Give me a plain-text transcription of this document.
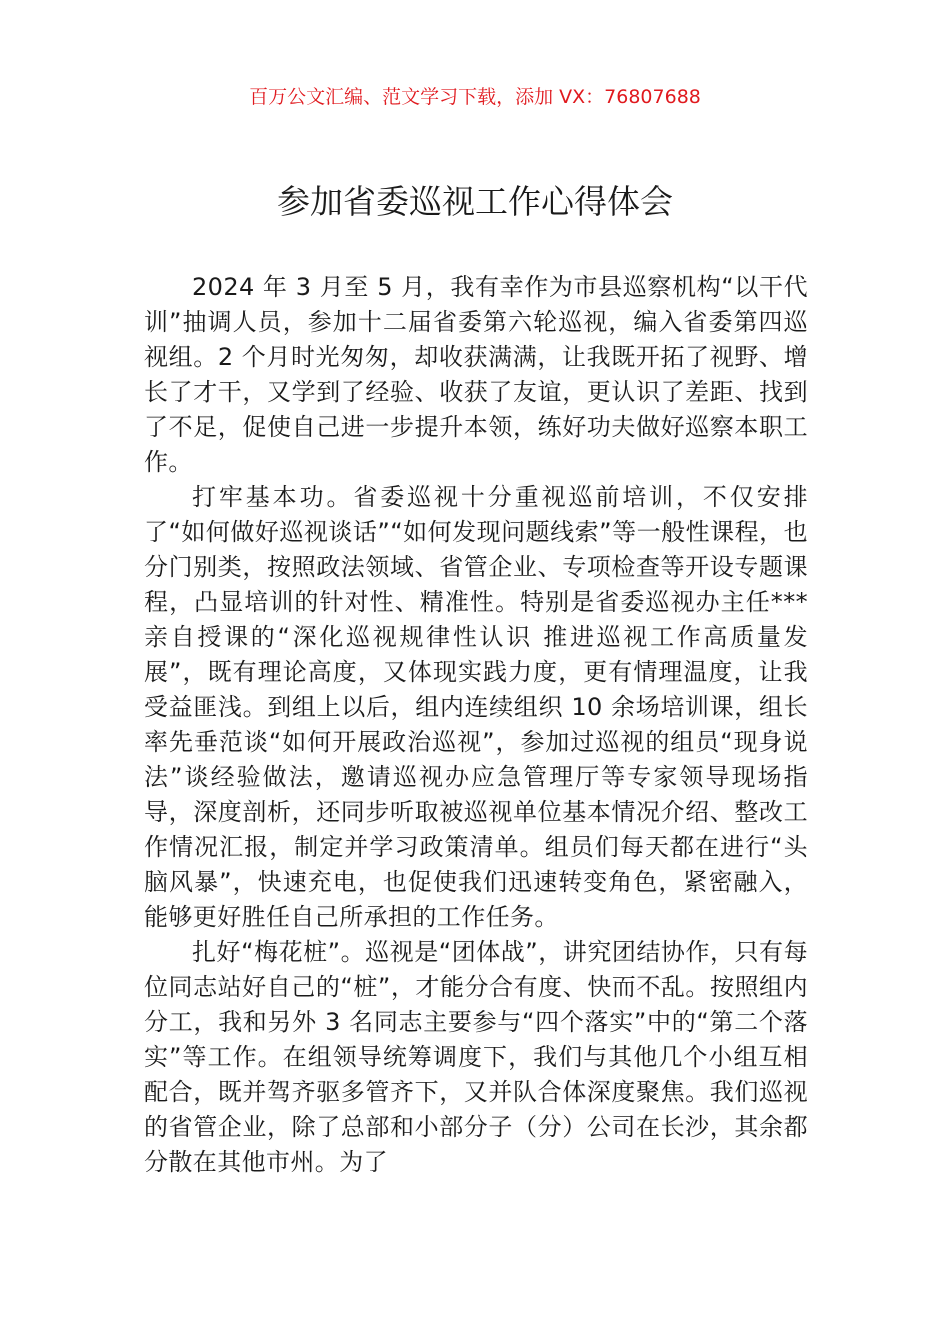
百万公文汇编、范文学习下载，添加 VX：76807688
参加省委巡视工作心得体会

2024 年 3 月至 5 月，我有幸作为市县巡察机构“以干代训”抽调人员，参加十二届省委第六轮巡视，编入省委第四巡视组。2 个月时光匆匆，却收获满满，让我既开拓了视野、增长了才干，又学到了经验、收获了友谊，更认识了差距、找到了不足，促使自己进一步提升本领，练好功夫做好巡察本职工作。

打牢基本功。省委巡视十分重视巡前培训，不仅安排了“如何做好巡视谈话”“如何发现问题线索”等一般性课程，也分门别类，按照政法领域、省管企业、专项检查等开设专题课程，凸显培训的针对性、精准性。特别是省委巡视办主任***亲自授课的“深化巡视规律性认识 推进巡视工作高质量发展”，既有理论高度，又体现实践力度，更有情理温度，让我受益匪浅。到组上以后，组内连续组织 10 余场培训课，组长率先垂范谈“如何开展政治巡视”，参加过巡视的组员“现身说法”谈经验做法，邀请巡视办应急管理厅等专家领导现场指导，深度剖析，还同步听取被巡视单位基本情况介绍、整改工作情况汇报，制定并学习政策清单。组员们每天都在进行“头脑风暴”，快速充电，也促使我们迅速转变角色，紧密融入，能够更好胜任自己所承担的工作任务。

扎好“梅花桩”。巡视是“团体战”，讲究团结协作，只有每位同志站好自己的“桩”，才能分合有度、快而不乱。按照组内分工，我和另外 3 名同志主要参与“四个落实”中的“第二个落实”等工作。在组领导统筹调度下，我们与其他几个小组互相配合，既并驾齐驱多管齐下，又并队合体深度聚焦。我们巡视的省管企业，除了总部和小部分子（分）公司在长沙，其余都分散在其他市州。为了
